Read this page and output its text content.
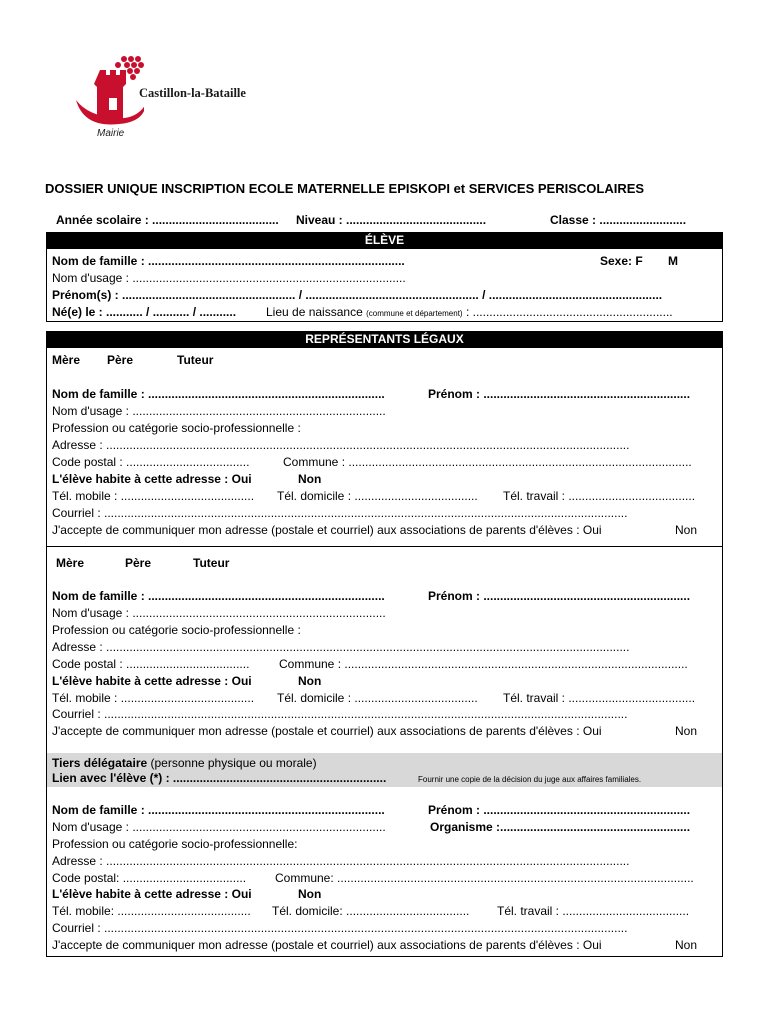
Castillon-la-Bataille
Mairie
DOSSIER UNIQUE INSCRIPTION ECOLE MATERNELLE EPISKOPI et SERVICES PERISCOLAIRES
Année scolaire : ...................................... Niveau : ..........................................	Classe : ..........................
ÉLÈVE
Nom de famille : .............................................................................	Sexe: F M
Nom d'usage : ..................................................................................
Prénom(s) : .................................................... / .................................................... / ....................................................
Né(e) le : ........... / ........... / ........... Lieu de naissance (commune et département) : ............................................................
REPRÉSENTANTS LÉGAUX
Mère Père	Tuteur
Nom de famille : .......................................................................	Prénom : ..............................................................
Nom d'usage : ............................................................................
Profession ou catégorie socio-professionnelle :
Adresse : .............................................................................................................................................................
Code postal : .....................................	Commune : .......................................................................................................
L'élève habite à cette adresse : Oui	Non
Tél. mobile : ........................................ Tél. domicile : ..................................... Tél. travail : ......................................
Courriel : .............................................................................................................................................................
J'accepte de communiquer mon adresse (postale et courriel) aux associations de parents d'élèves : Oui	Non
Mère	Père	Tuteur
Nom de famille : .......................................................................	Prénom : ..............................................................
Nom d'usage : ............................................................................
Profession ou catégorie socio-professionnelle :
Adresse : .............................................................................................................................................................
Code postal : ..................................... Commune : .......................................................................................................
L'élève habite à cette adresse : Oui	Non
Tél. mobile : ........................................ Tél. domicile : ..................................... Tél. travail : ......................................
Courriel : .............................................................................................................................................................
J'accepte de communiquer mon adresse (postale et courriel) aux associations de parents d'élèves : Oui	Non
Tiers délégataire (personne physique ou morale)
Lien avec l'élève (*) : ................................................................	Fournir une copie de la décision du juge aux affaires familiales.
Nom de famille : .......................................................................	Prénom : ..............................................................
Nom d'usage : ............................................................................	Organisme :.........................................................
Profession ou catégorie socio-professionnelle:
Adresse : .............................................................................................................................................................
Code postal: ..................................... Commune: ...........................................................................................................
L'élève habite à cette adresse : Oui	Non
Tél. mobile: ........................................ Tél. domicile: ..................................... Tél. travail : ......................................
Courriel : .............................................................................................................................................................
J'accepte de communiquer mon adresse (postale et courriel) aux associations de parents d'élèves : Oui	Non
